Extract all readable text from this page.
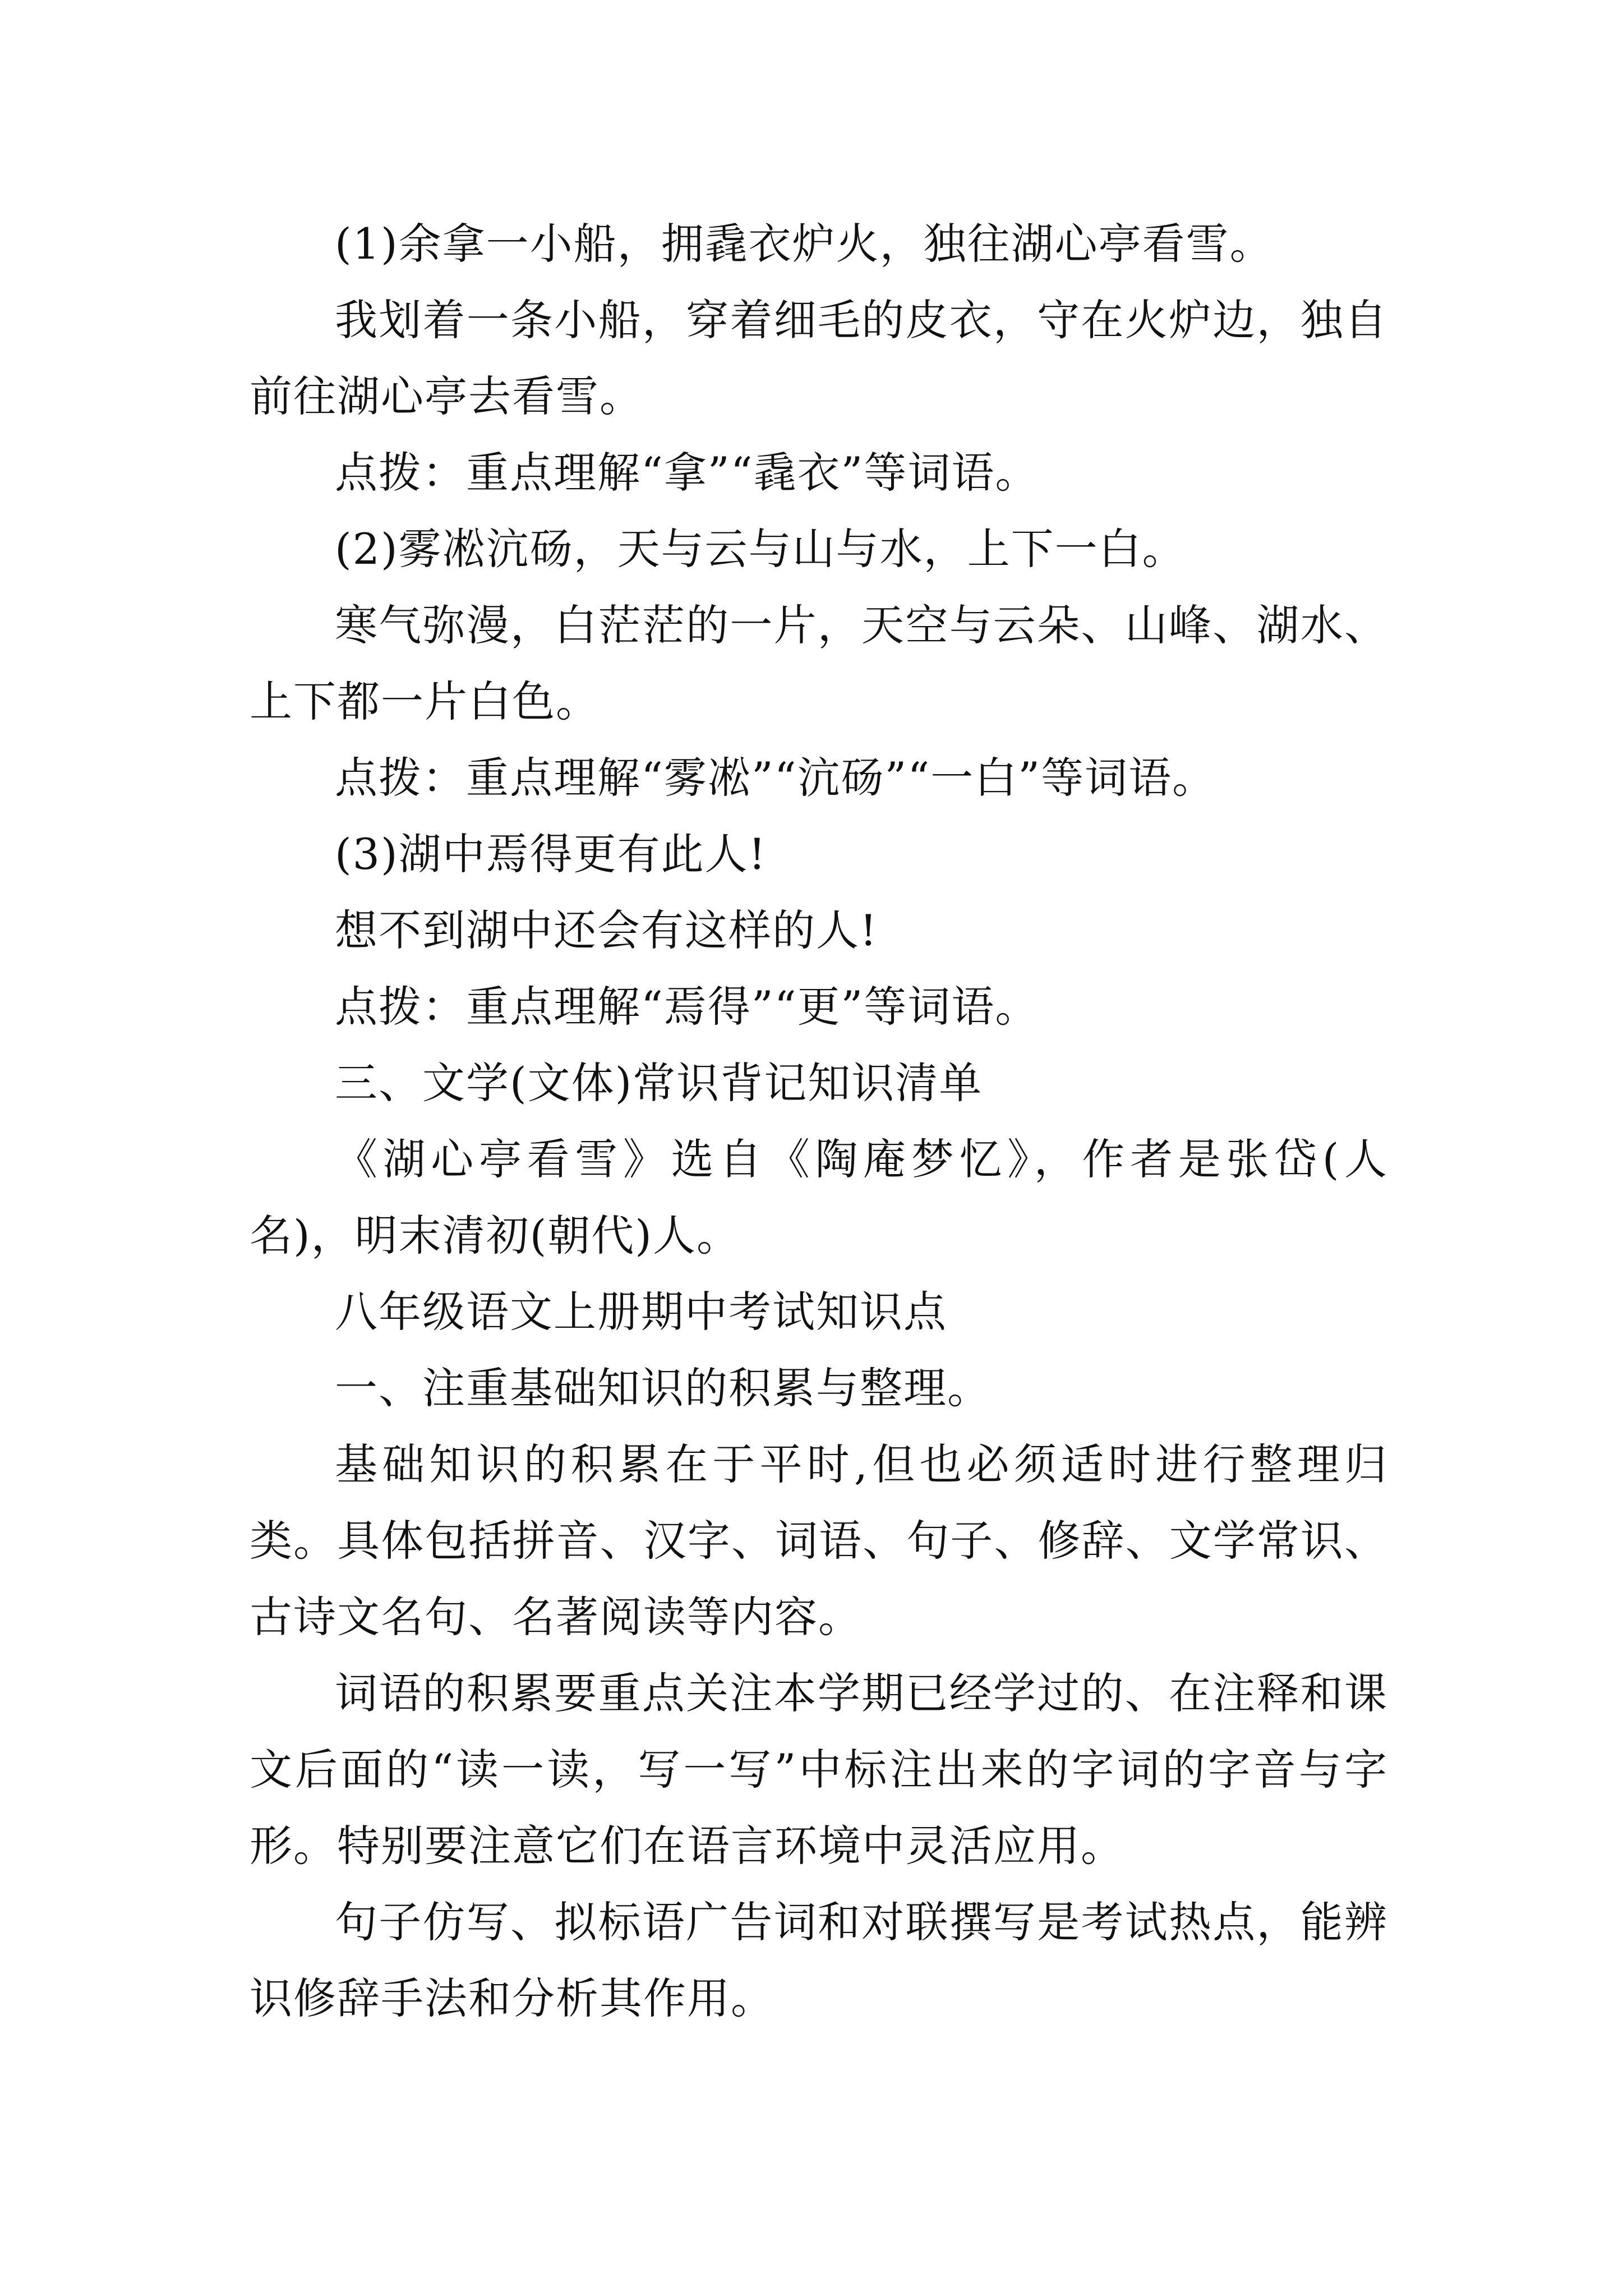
(1)余拿一小船，拥毳衣炉火，独往湖心亭看雪。

我划着一条小船，穿着细毛的皮衣，守在火炉边，独自前往湖心亭去看雪。

点拨：重点理解“拿”“毳衣”等词语。

(2)雾凇沆砀，天与云与山与水，上下一白。

寒气弥漫，白茫茫的一片，天空与云朵、山峰、湖水、上下都一片白色。

点拨：重点理解“雾凇”“沆砀”“一白”等词语。

(3)湖中焉得更有此人!

想不到湖中还会有这样的人!

点拨：重点理解“焉得”“更”等词语。

三、文学(文体)常识背记知识清单

《湖心亭看雪》选自《陶庵梦忆》，作者是张岱(人名)，明末清初(朝代)人。

八年级语文上册期中考试知识点

一、注重基础知识的积累与整理。

基础知识的积累在于平时,但也必须适时进行整理归类。具体包括拼音、汉字、词语、句子、修辞、文学常识、古诗文名句、名著阅读等内容。

词语的积累要重点关注本学期已经学过的、在注释和课文后面的“读一读，写一写”中标注出来的字词的字音与字形。特别要注意它们在语言环境中灵活应用。

句子仿写、拟标语广告词和对联撰写是考试热点，能辨识修辞手法和分析其作用。
